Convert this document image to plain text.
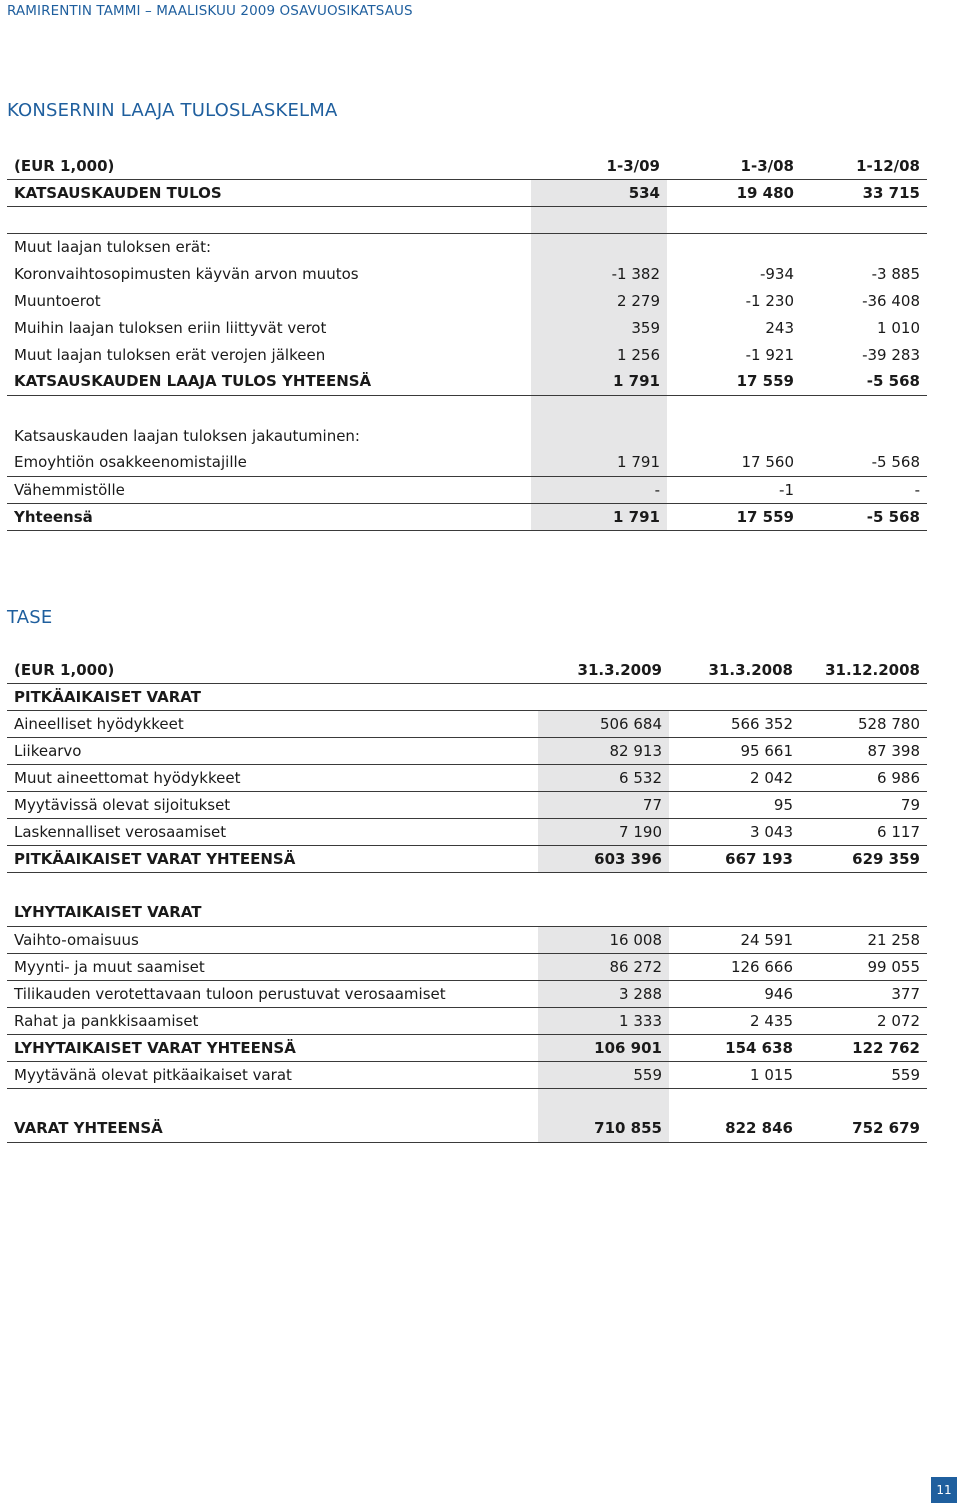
RAMIRENTIN TAMMI – MAALISKUU 2009 OSAVUOSIKATSAUS
KONSERNIN LAAJA TULOSLASKELMA
(EUR 1,000)	1-3/09	1-3/08	1-12/08
KATSAUSKAUDEN TULOS	534	19 480	33 715

Muut laajan tuloksen erät:			
Koronvaihtosopimusten käyvän arvon muutos	-1 382	-934	-3 885
Muuntoerot	2 279	-1 230	-36 408
Muihin laajan tuloksen eriin liittyvät verot	359	243	1 010
Muut laajan tuloksen erät verojen jälkeen	1 256	-1 921	-39 283
KATSAUSKAUDEN LAAJA TULOS YHTEENSÄ	1 791	17 559	-5 568

Katsauskauden laajan tuloksen jakautuminen:			
Emoyhtiön osakkeenomistajille	1 791	17 560	-5 568
Vähemmistölle	-	-1	-
Yhteensä	1 791	17 559	-5 568
TASE
(EUR 1,000)	31.3.2009	31.3.2008	31.12.2008
PITKÄAIKAISET VARAT			
Aineelliset hyödykkeet	506 684	566 352	528 780
Liikearvo	82 913	95 661	87 398
Muut aineettomat hyödykkeet	6 532	2 042	6 986
Myytävissä olevat sijoitukset	77	95	79
Laskennalliset verosaamiset	7 190	3 043	6 117
PITKÄAIKAISET VARAT YHTEENSÄ	603 396	667 193	629 359

LYHYTAIKAISET VARAT			
Vaihto-omaisuus	16 008	24 591	21 258
Myynti- ja muut saamiset	86 272	126 666	99 055
Tilikauden verotettavaan tuloon perustuvat verosaamiset	3 288	946	377
Rahat ja pankkisaamiset	1 333	2 435	2 072
LYHYTAIKAISET VARAT YHTEENSÄ	106 901	154 638	122 762
Myytävänä olevat pitkäaikaiset varat	559	1 015	559

VARAT YHTEENSÄ	710 855	822 846	752 679
11
